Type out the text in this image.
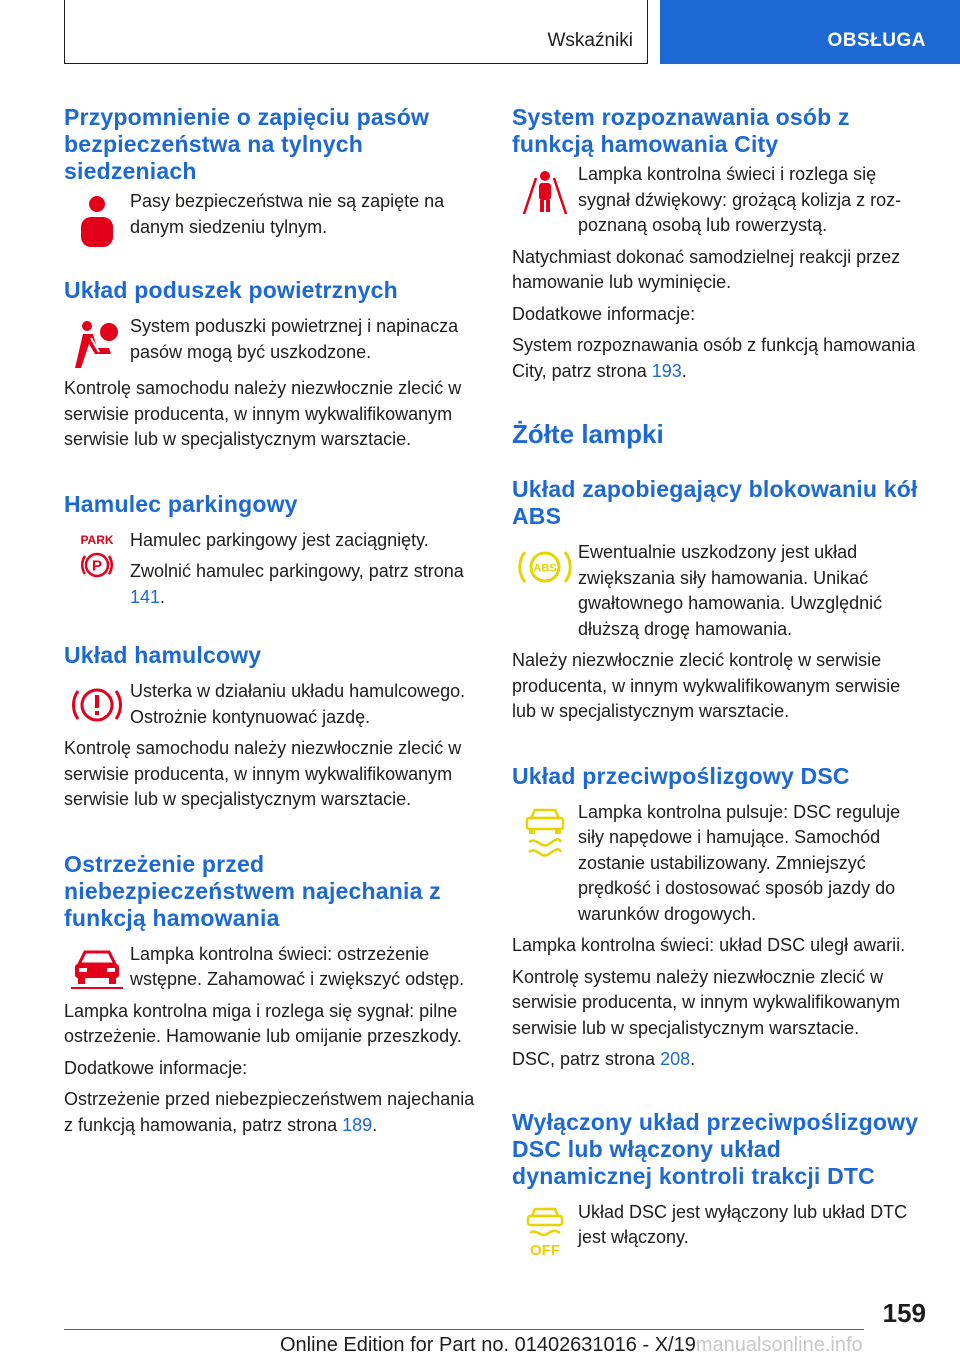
Wskaźniki	OBSŁUGA
Przypomnienie o zapięciu pasów bezpieczeństwa na tylnych siedzeniach

Pasy bezpieczeństwa nie są zapięte na danym siedzeniu tylnym.

Układ poduszek powietrznych

System poduszki powietrznej i napinacza pasów mogą być uszkodzone.

Kontrolę samochodu należy niezwłocznie zlecić w serwisie producenta, w innym wykwalifikowanym serwisie lub w specjalistycznym warsztacie.

Hamulec parkingowy
PARK
P

Hamulec parkingowy jest zaciągnięty.

Zwolnić hamulec parkingowy, patrz strona 141.

Układ hamulcowy

Usterka w działaniu układu hamulcowego. Ostrożnie kontynuować jazdę.

Kontrolę samochodu należy niezwłocznie zlecić w serwisie producenta, w innym wykwalifikowanym serwisie lub w specjalistycznym warsztacie.

Ostrzeżenie przed niebezpieczeństwem najechania z funkcją hamowania

Lampka kontrolna świeci: ostrzeżenie wstępne. Zahamować i zwiększyć odstęp.

Lampka kontrolna miga i rozlega się sygnał: pilne ostrzeżenie. Hamowanie lub omijanie przeszkody.

Dodatkowe informacje:

Ostrzeżenie przed niebezpieczeństwem najechania z funkcją hamowania, patrz strona 189.

System rozpoznawania osób z funkcją hamowania City

Lampka kontrolna świeci i rozlega się sygnał dźwiękowy: grożącą kolizja z rozpoznaną osobą lub rowerzystą.

Natychmiast dokonać samodzielnej reakcji przez hamowanie lub wyminięcie.

Dodatkowe informacje:

System rozpoznawania osób z funkcją hamowania City, patrz strona 193.

Żółte lampki
Układ zapobiegający blokowaniu kół ABS
ABS

Ewentualnie uszkodzony jest układ zwiększania siły hamowania. Unikać gwałtownego hamowania. Uwzględnić dłuższą drogę hamowania.

Należy niezwłocznie zlecić kontrolę w serwisie producenta, w innym wykwalifikowanym serwisie lub w specjalistycznym warsztacie.

Układ przeciwpoślizgowy DSC

Lampka kontrolna pulsuje: DSC reguluje siły napędowe i hamujące. Samochód zostanie ustabilizowany. Zmniejszyć prędkość i dostosować sposób jazdy do warunków drogowych.

Lampka kontrolna świeci: układ DSC uległ awarii.

Kontrolę systemu należy niezwłocznie zlecić w serwisie producenta, w innym wykwalifikowanym serwisie lub w specjalistycznym warsztacie.

DSC, patrz strona 208.

Wyłączony układ przeciwpoślizgowy DSC lub włączony układ dynamicznej kontroli trakcji DTC
OFF

Układ DSC jest wyłączony lub układ DTC jest włączony.

159
Online Edition for Part no. 01402631016 - X/19manualsonline.info
